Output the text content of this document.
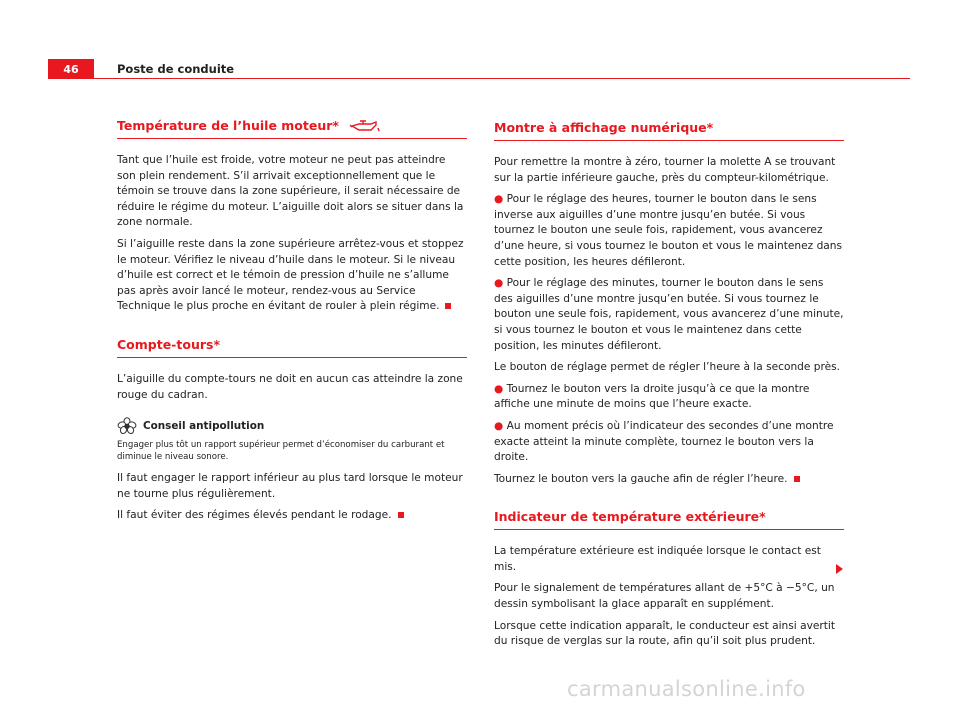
46	Poste de conduite
Température de l’huile moteur*

Tant que l’huile est froide, votre moteur ne peut pas atteindre son plein rendement. S’il arrivait exceptionnellement que le témoin se trouve dans la zone supérieure, il serait nécessaire de réduire le régime du moteur. L’aiguille doit alors se situer dans la zone normale.

Si l’aiguille reste dans la zone supérieure arrêtez-vous et stoppez le moteur. Vérifiez le niveau d’huile dans le moteur. Si le niveau d’huile est correct et le témoin de pression d’huile ne s’allume pas après avoir lancé le moteur, rendez-vous au Service Technique le plus proche en évitant de rouler à plein régime.

Compte-tours*

L’aiguille du compte-tours ne doit en aucun cas atteindre la zone rouge du cadran.

Conseil antipollution

Engager plus tôt un rapport supérieur permet d’économiser du carburant et diminue le niveau sonore.

Il faut engager le rapport inférieur au plus tard lorsque le moteur ne tourne plus régulièrement.

Il faut éviter des régimes élevés pendant le rodage.

Montre à affichage numérique*

Pour remettre la montre à zéro, tourner la molette A se trouvant sur la partie inférieure gauche, près du compteur-kilométrique.

● Pour le réglage des heures, tourner le bouton dans le sens inverse aux aiguilles d’une montre jusqu’en butée. Si vous tournez le bouton une seule fois, rapidement, vous avancerez d’une heure, si vous tournez le bouton et vous le maintenez dans cette position, les heures défileront.

● Pour le réglage des minutes, tourner le bouton dans le sens des aiguilles d’une montre jusqu’en butée. Si vous tournez le bouton une seule fois, rapidement, vous avancerez d’une minute, si vous tournez le bouton et vous le maintenez dans cette position, les minutes défileront.

Le bouton de réglage permet de régler l’heure à la seconde près.

● Tournez le bouton vers la droite jusqu’à ce que la montre affiche une minute de moins que l’heure exacte.

● Au moment précis où l’indicateur des secondes d’une montre exacte atteint la minute complète, tournez le bouton vers la droite.

Tournez le bouton vers la gauche afin de régler l’heure.

Indicateur de température extérieure*

La température extérieure est indiquée lorsque le contact est mis.

Pour le signalement de températures allant de +5°C à −5°C, un dessin symbolisant la glace apparaît en supplément.

Lorsque cette indication apparaît, le conducteur est ainsi avertit du risque de verglas sur la route, afin qu’il soit plus prudent.

carmanualsonline.info
